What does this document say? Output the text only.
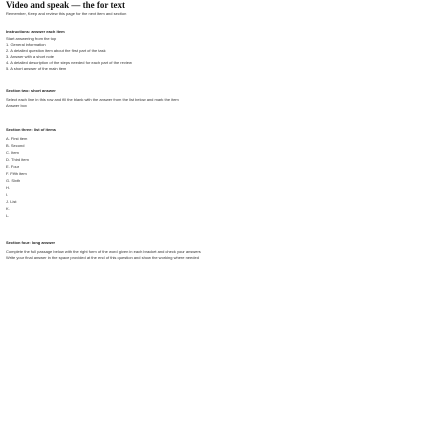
Video and speak — the for text
Remember, Keep and review this page for the next item and section
Instructions: answer each item
Start answering from the top
1. General information
2. A detailed question item about the first part of the task
3. Answer with a short note
4. A detailed description of the steps needed for each part of the review
5. A short answer of the main item
Section two: short answer
Select each line in this row and fill the blank with the answer from the list below and mark the item
Answer box
Section three: list of items
A. First item
B. Second
C. Item
D. Third item
E. Four
F. Fifth item
G. Sixth
H.
I.
J. List
K.
L.
Section four: long answer
Complete the full passage below with the right form of the word given in each bracket and check your answers
Write your final answer in the space provided at the end of this question and show the working where needed
